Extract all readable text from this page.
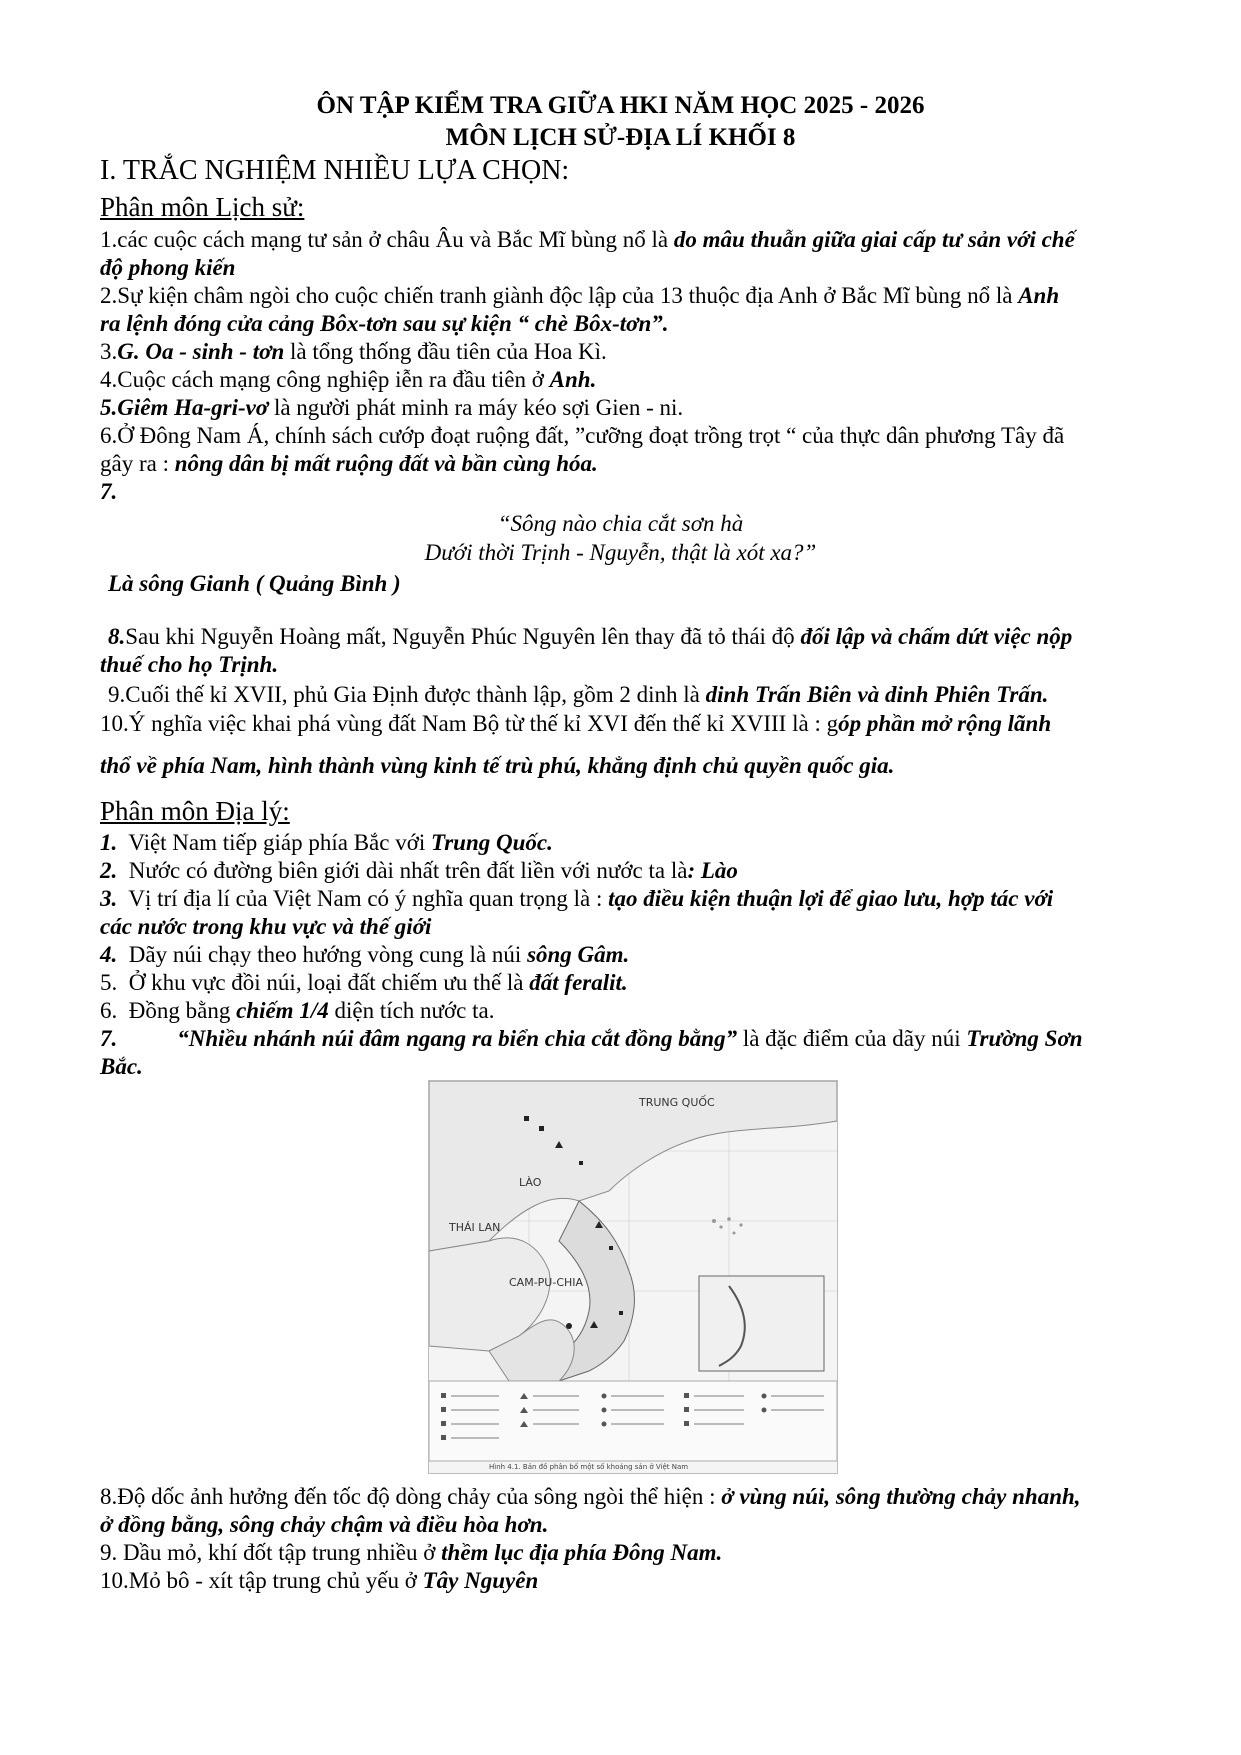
ÔN TẬP KIỂM TRA GIỮA HKI NĂM HỌC 2025 - 2026
MÔN LỊCH SỬ-ĐỊA LÍ KHỐI 8
I. TRẮC NGHIỆM NHIỀU LỰA CHỌN:
Phân môn Lịch sử:
1.các cuộc cách mạng tư sản ở châu Âu và Bắc Mĩ bùng nổ là do mâu thuẫn giữa giai cấp tư sản với chế
độ phong kiến
2.Sự kiện châm ngòi cho cuộc chiến tranh giành độc lập của 13 thuộc địa Anh ở Bắc Mĩ bùng nổ là Anh
ra lệnh đóng cửa cảng Bôx-tơn sau sự kiện “ chè Bôx-tơn”.
3.G. Oa - sinh - tơn là tổng thống đầu tiên của Hoa Kì.
4.Cuộc cách mạng công nghiệp iễn ra đầu tiên ở Anh.
5.Giêm Ha-gri-vơ là người phát minh ra máy kéo sợi Gien - ni.
6.Ở Đông Nam Á, chính sách cướp đoạt ruộng đất, ”cưỡng đoạt trồng trọt “ của thực dân phương Tây đã
gây ra : nông dân bị mất ruộng đất và bần cùng hóa.
7.
“Sông nào chia cắt sơn hà
Dưới thời Trịnh - Nguyễn, thật là xót xa?”
Là sông Gianh ( Quảng Bình )
8.Sau khi Nguyễn Hoàng mất, Nguyễn Phúc Nguyên lên thay đã tỏ thái độ đối lập và chấm dứt việc nộp
thuế cho họ Trịnh.
9.Cuối thế kỉ XVII, phủ Gia Định được thành lập, gồm 2 dinh là dinh Trấn Biên và dinh Phiên Trấn.
10.Ý nghĩa việc khai phá vùng đất Nam Bộ từ thế kỉ XVI đến thế kỉ XVIII là : góp phần mở rộng lãnh
thổ về phía Nam, hình thành vùng kinh tế trù phú, khẳng định chủ quyền quốc gia.
Phân môn Địa lý:
1. Việt Nam tiếp giáp phía Bắc với Trung Quốc.
2. Nước có đường biên giới dài nhất trên đất liền với nước ta là: Lào
3. Vị trí địa lí của Việt Nam có ý nghĩa quan trọng là : tạo điều kiện thuận lợi để giao lưu, hợp tác với
các nước trong khu vực và thế giới
4. Dãy núi chạy theo hướng vòng cung là núi sông Gâm.
5. Ở khu vực đồi núi, loại đất chiếm ưu thế là đất feralit.
6. Đồng bằng chiếm 1/4 diện tích nước ta.
7.	“Nhiều nhánh núi đâm ngang ra biển chia cắt đồng bằng” là đặc điểm của dãy núi Trường Sơn
Bắc.
TRUNG QUỐC
LÀO
THÁI LAN
CAM-PU-CHIA
Hình 4.1. Bản đồ phân bố một số khoáng sản ở Việt Nam
8.Độ dốc ảnh hưởng đến tốc độ dòng chảy của sông ngòi thể hiện : ở vùng núi, sông thường chảy nhanh,
ở đồng bằng, sông chảy chậm và điều hòa hơn.
9. Dầu mỏ, khí đốt tập trung nhiều ở thềm lục địa phía Đông Nam.
10.Mỏ bô - xít tập trung chủ yếu ở Tây Nguyên
